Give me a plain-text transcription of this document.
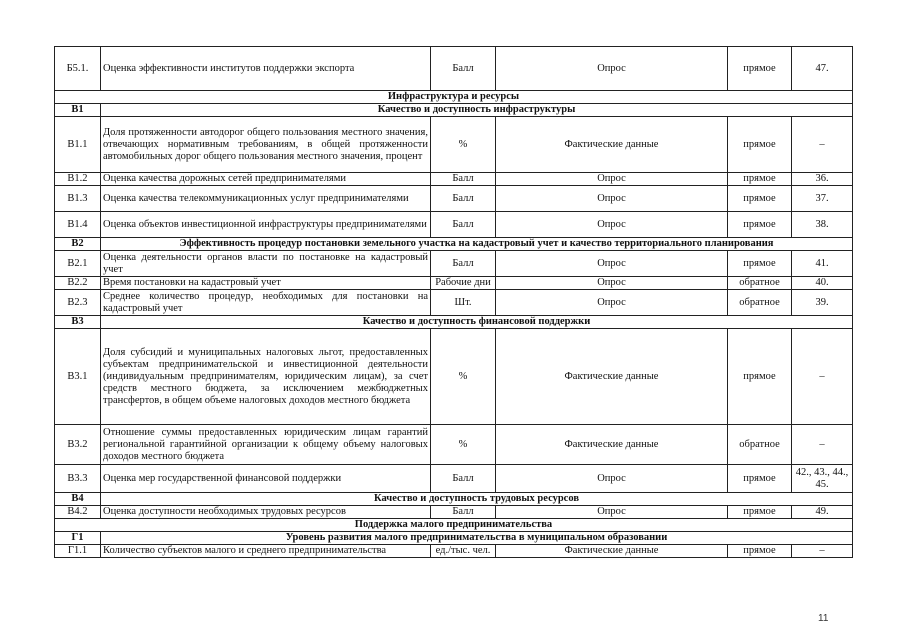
Б5.1.	Оценка эффективности институтов поддержки экспорта	Балл	Опрос	прямое	47.
Инфраструктура и ресурсы					
В1	Качество и доступность инфраструктуры				
В1.1	Доля протяженности автодорог общего пользования местного значения, отвечающих нормативным требованиям, в общей протяженности автомобильных дорог общего пользования местного значения, процент	%	Фактические данные	прямое	–
В1.2	Оценка качества дорожных сетей предпринимателями	Балл	Опрос	прямое	36.
В1.3	Оценка качества телекоммуникационных услуг предпринимателями	Балл	Опрос	прямое	37.
В1.4	Оценка объектов инвестиционной инфраструктуры предпринимателями	Балл	Опрос	прямое	38.
В2	Эффективность процедур постановки земельного участка на кадастровый учет и качество территориального планирования				
В2.1	Оценка деятельности органов власти по постановке на кадастровый учет	Балл	Опрос	прямое	41.
В2.2	Время постановки на кадастровый учет	Рабочие дни	Опрос	обратное	40.
В2.3	Среднее количество процедур, необходимых для постановки на кадастровый учет	Шт.	Опрос	обратное	39.
В3	Качество и доступность финансовой поддержки				
В3.1	Доля субсидий и муниципальных налоговых льгот, предоставленных субъектам предпринимательской и инвестиционной деятельности (индивидуальным предпринимателям, юридическим лицам), за счет средств местного бюджета, за исключением межбюджетных трансфертов, в общем объеме налоговых доходов местного бюджета	%	Фактические данные	прямое	–
В3.2	Отношение суммы предоставленных юридическим лицам гарантий региональной гарантийной организации к общему объему налоговых доходов местного бюджета	%	Фактические данные	обратное	–
В3.3	Оценка мер государственной финансовой поддержки	Балл	Опрос	прямое	42., 43., 44., 45.
В4	Качество и доступность трудовых ресурсов				
В4.2	Оценка доступности необходимых трудовых ресурсов	Балл	Опрос	прямое	49.
Поддержка малого предпринимательства					
Г1	Уровень развития малого предпринимательства в муниципальном образовании				
Г1.1	Количество субъектов малого и среднего предпринимательства	ед./тыс. чел.	Фактические данные	прямое	–
11
